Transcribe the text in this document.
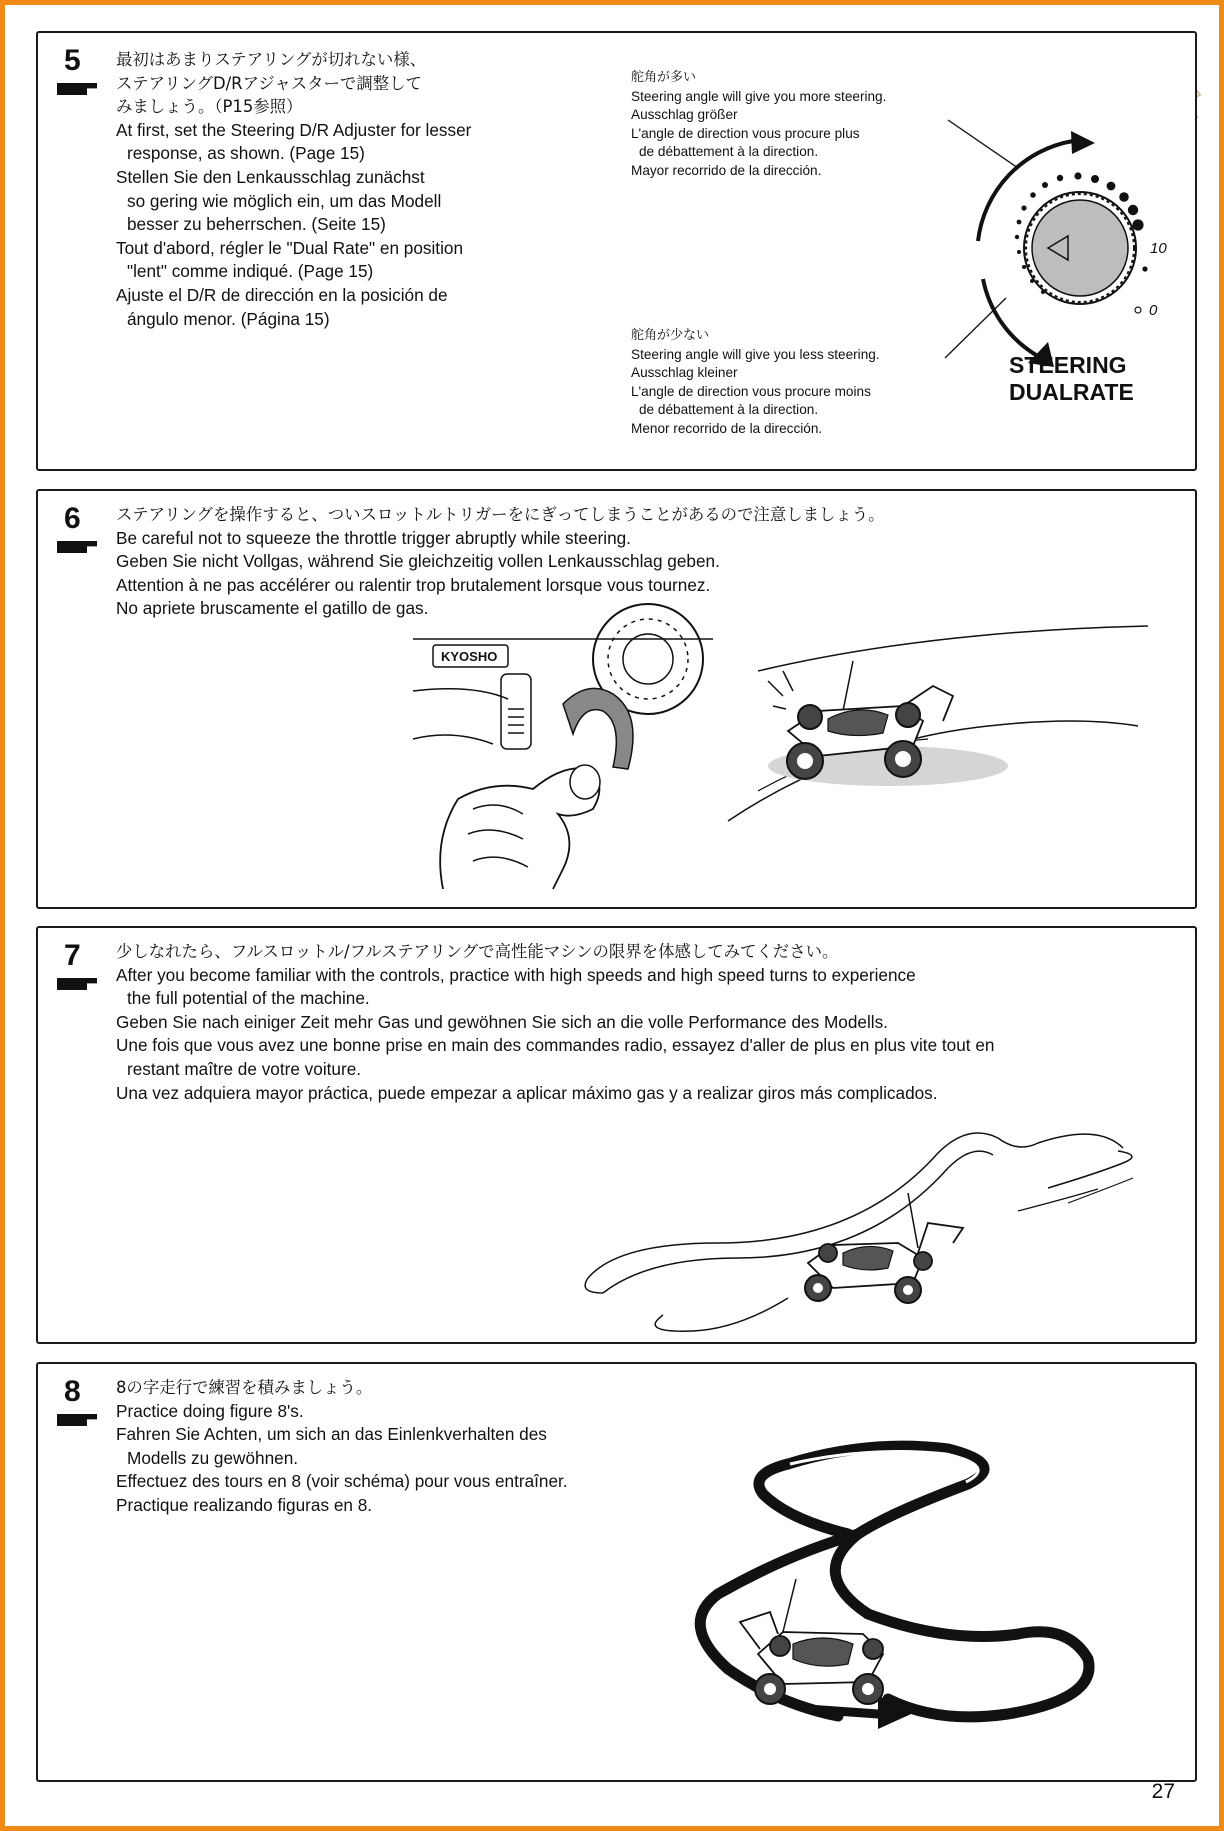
5 最初はあまりステアリングが切れない様、
ステアリングD/Rアジャスターで調整して
みましょう。（P15参照）
At first, set the Steering D/R Adjuster for lesser
response, as shown. (Page 15)
Stellen Sie den Lenkausschlag zunächst
so gering wie möglich ein, um das Modell
besser zu beherrschen. (Seite 15)
Tout d'abord, régler le "Dual Rate" en position
"lent" comme indiqué. (Page 15)
Ajuste el D/R de dirección en la posición de
ángulo menor. (Página 15)
舵角が多い
Steering angle will give you more steering.
Ausschlag größer
L'angle de direction vous procure plus
de débattement à la direction.
Mayor recorrido de la dirección.
舵角が少ない
Steering angle will give you less steering.
Ausschlag kleiner
L'angle de direction vous procure moins
de débattement à la direction.
Menor recorrido de la dirección.
10
0
STEERING
DUALRATE
6 ステアリングを操作すると、ついスロットルトリガーをにぎってしまうことがあるので注意しましょう。
Be careful not to squeeze the throttle trigger abruptly while steering.
Geben Sie nicht Vollgas, während Sie gleichzeitig vollen Lenkausschlag geben.
Attention à ne pas accélérer ou ralentir trop brutalement lorsque vous tournez.
No apriete bruscamente el gatillo de gas.
KYOSHO
7 少しなれたら、フルスロットル/フルステアリングで高性能マシンの限界を体感してみてください。
After you become familiar with the controls, practice with high speeds and high speed turns to experience
the full potential of the machine.
Geben Sie nach einiger Zeit mehr Gas und gewöhnen Sie sich an die volle Performance des Modells.
Une fois que vous avez une bonne prise en main des commandes radio, essayez d'aller de plus en plus vite tout en
restant maître de votre voiture.
Una vez adquiera mayor práctica, puede empezar a aplicar máximo gas y a realizar giros más complicados.
8 8の字走行で練習を積みましょう。
Practice doing figure 8's.
Fahren Sie Achten, um sich an das Einlenkverhalten des
Modells zu gewöhnen.
Effectuez des tours en 8 (voir schéma) pour vous entraîner.
Practique realizando figuras en 8.
27
